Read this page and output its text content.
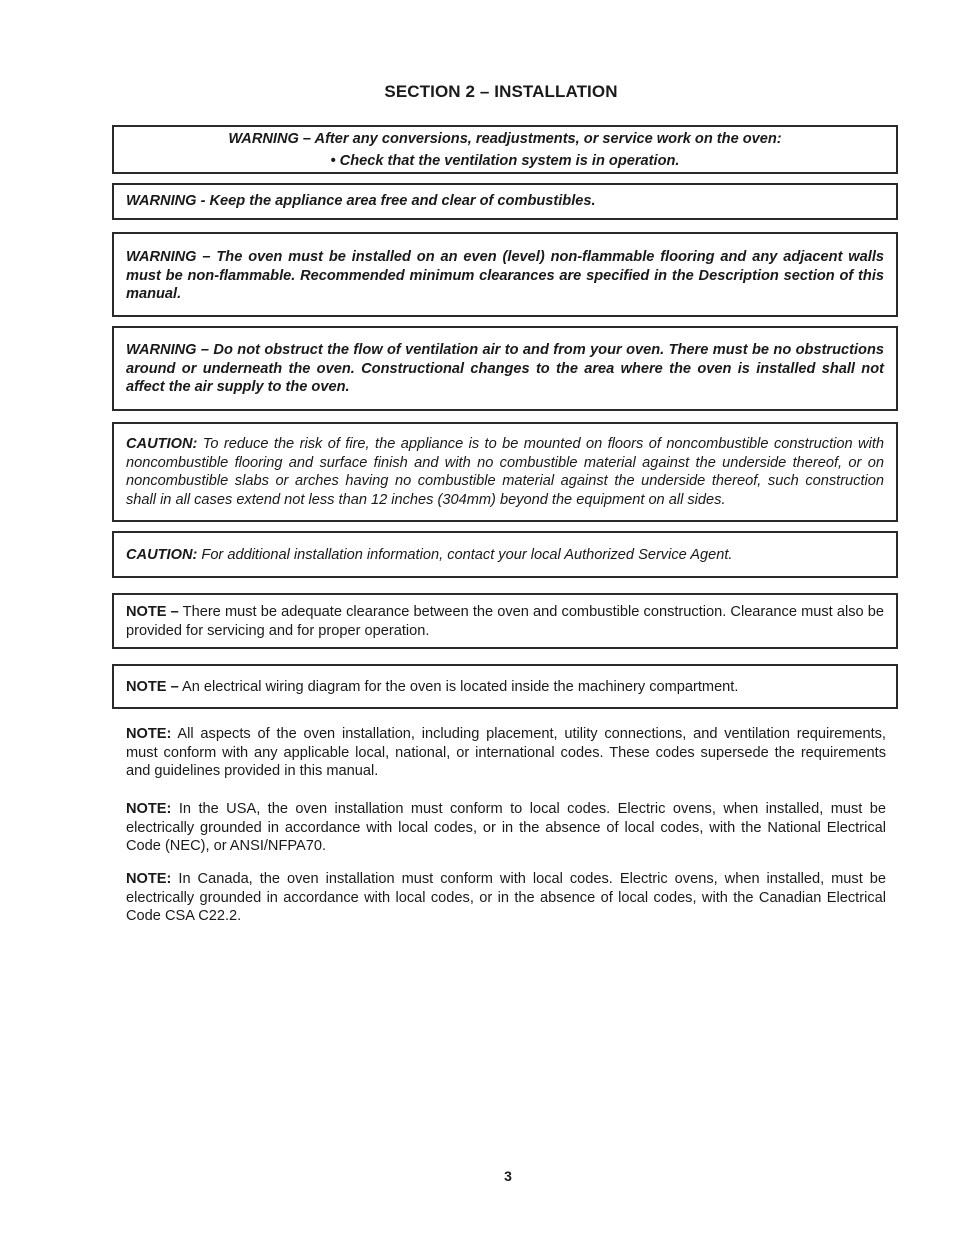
SECTION 2 – INSTALLATION
WARNING – After any conversions, readjustments, or service work on the oven:
• Check that the ventilation system is in operation.
WARNING - Keep the appliance area free and clear of combustibles.
WARNING – The oven must be installed on an even (level) non-flammable flooring and any adjacent walls must be non-flammable. Recommended minimum clearances are specified in the Description section of this manual.
WARNING – Do not obstruct the flow of ventilation air to and from your oven. There must be no obstructions around or underneath the oven. Constructional changes to the area where the oven is installed shall not affect the air supply to the oven.
CAUTION: To reduce the risk of fire, the appliance is to be mounted on floors of noncombustible construction with noncombustible flooring and surface finish and with no combustible material against the underside thereof, or on noncombustible slabs or arches having no combustible material against the underside thereof, such construction shall in all cases extend not less than 12 inches (304mm) beyond the equipment on all sides.
CAUTION: For additional installation information, contact your local Authorized Service Agent.
NOTE – There must be adequate clearance between the oven and combustible construction. Clearance must also be provided for servicing and for proper operation.
NOTE – An electrical wiring diagram for the oven is located inside the machinery compartment.
NOTE: All aspects of the oven installation, including placement, utility connections, and ventilation requirements, must conform with any applicable local, national, or international codes. These codes supersede the requirements and guidelines provided in this manual.
NOTE: In the USA, the oven installation must conform to local codes. Electric ovens, when installed, must be electrically grounded in accordance with local codes, or in the absence of local codes, with the National Electrical Code (NEC), or ANSI/NFPA70.
NOTE: In Canada, the oven installation must conform with local codes. Electric ovens, when installed, must be electrically grounded in accordance with local codes, or in the absence of local codes, with the Canadian Electrical Code CSA C22.2.
3
